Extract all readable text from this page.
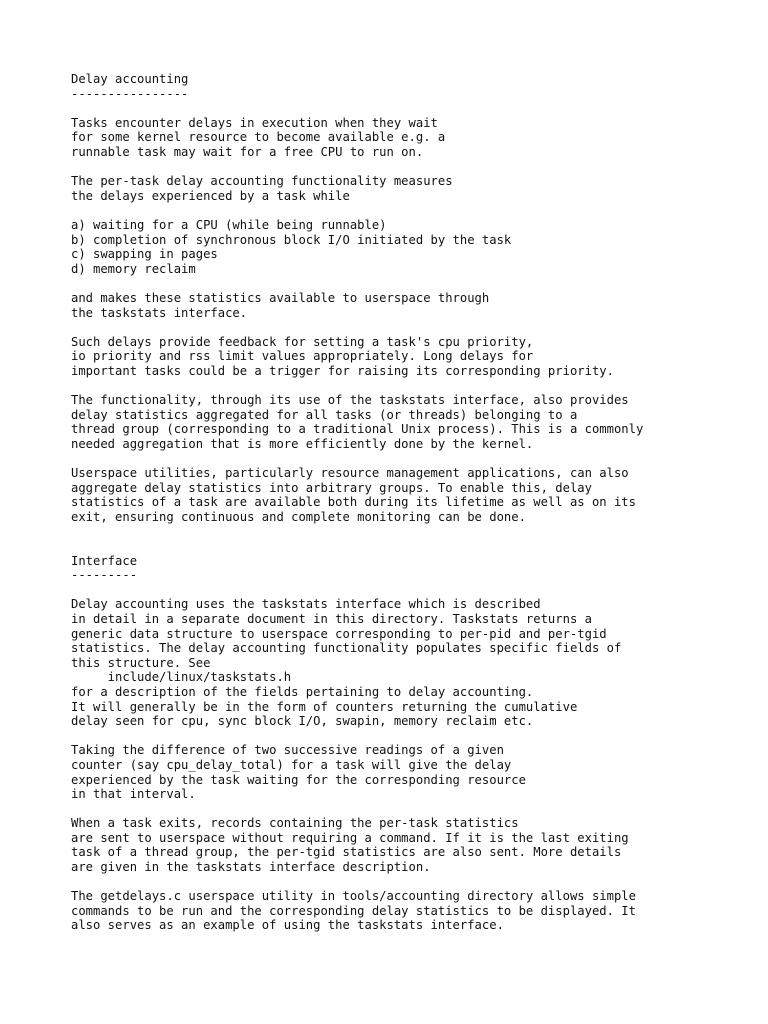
Delay accounting
----------------
Tasks encounter delays in execution when they wait
for some kernel resource to become available e.g. a
runnable task may wait for a free CPU to run on.
The per-task delay accounting functionality measures
the delays experienced by a task while
a) waiting for a CPU (while being runnable)
b) completion of synchronous block I/O initiated by the task
c) swapping in pages
d) memory reclaim
and makes these statistics available to userspace through
the taskstats interface.
Such delays provide feedback for setting a task's cpu priority,
io priority and rss limit values appropriately. Long delays for
important tasks could be a trigger for raising its corresponding priority.
The functionality, through its use of the taskstats interface, also provides
delay statistics aggregated for all tasks (or threads) belonging to a
thread group (corresponding to a traditional Unix process). This is a commonly
needed aggregation that is more efficiently done by the kernel.
Userspace utilities, particularly resource management applications, can also
aggregate delay statistics into arbitrary groups. To enable this, delay
statistics of a task are available both during its lifetime as well as on its
exit, ensuring continuous and complete monitoring can be done.
Interface
---------
Delay accounting uses the taskstats interface which is described
in detail in a separate document in this directory. Taskstats returns a
generic data structure to userspace corresponding to per-pid and per-tgid
statistics. The delay accounting functionality populates specific fields of
this structure. See
include/linux/taskstats.h
for a description of the fields pertaining to delay accounting.
It will generally be in the form of counters returning the cumulative
delay seen for cpu, sync block I/O, swapin, memory reclaim etc.
Taking the difference of two successive readings of a given
counter (say cpu_delay_total) for a task will give the delay
experienced by the task waiting for the corresponding resource
in that interval.
When a task exits, records containing the per-task statistics
are sent to userspace without requiring a command. If it is the last exiting
task of a thread group, the per-tgid statistics are also sent. More details
are given in the taskstats interface description.
The getdelays.c userspace utility in tools/accounting directory allows simple
commands to be run and the corresponding delay statistics to be displayed. It
also serves as an example of using the taskstats interface.
